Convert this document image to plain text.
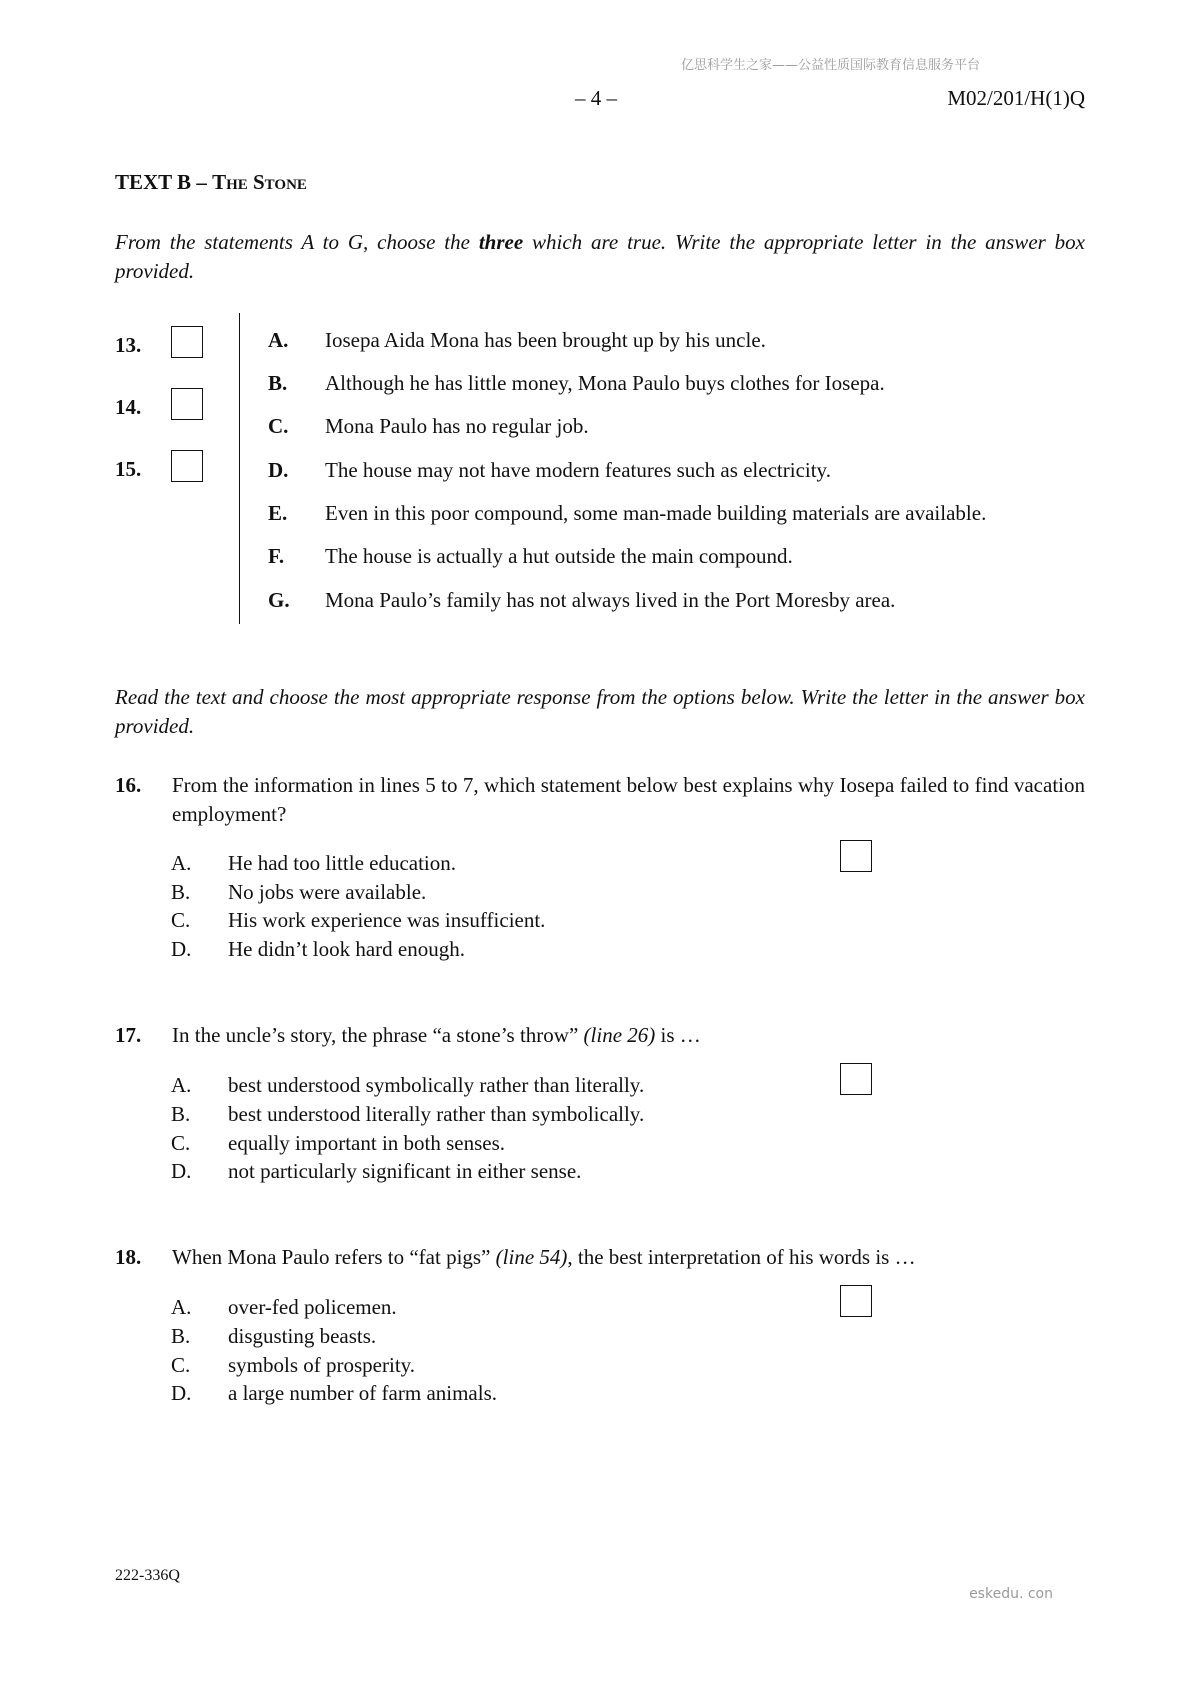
亿思科学生之家——公益性质国际教育信息服务平台
– 4 –	M02/201/H(1)Q
TEXT B – The Stone
From the statements A to G, choose the three which are true. Write the appropriate letter in the answer box provided.
13.
14.
15.
A. Iosepa Aida Mona has been brought up by his uncle.
B. Although he has little money, Mona Paulo buys clothes for Iosepa.
C. Mona Paulo has no regular job.
D. The house may not have modern features such as electricity.
E. Even in this poor compound, some man-made building materials are available.
F. The house is actually a hut outside the main compound.
G. Mona Paulo’s family has not always lived in the Port Moresby area.
Read the text and choose the most appropriate response from the options below. Write the letter in the answer box provided.
16. From the information in lines 5 to 7, which statement below best explains why Iosepa failed to find vacation employment?
A. He had too little education.
B. No jobs were available.
C. His work experience was insufficient.
D. He didn’t look hard enough.
17. In the uncle’s story, the phrase “a stone’s throw” (line 26) is …
A. best understood symbolically rather than literally.
B. best understood literally rather than symbolically.
C. equally important in both senses.
D. not particularly significant in either sense.
18. When Mona Paulo refers to “fat pigs” (line 54), the best interpretation of his words is …
A. over-fed policemen.
B. disgusting beasts.
C. symbols of prosperity.
D. a large number of farm animals.
222-336Q
eskedu. con
